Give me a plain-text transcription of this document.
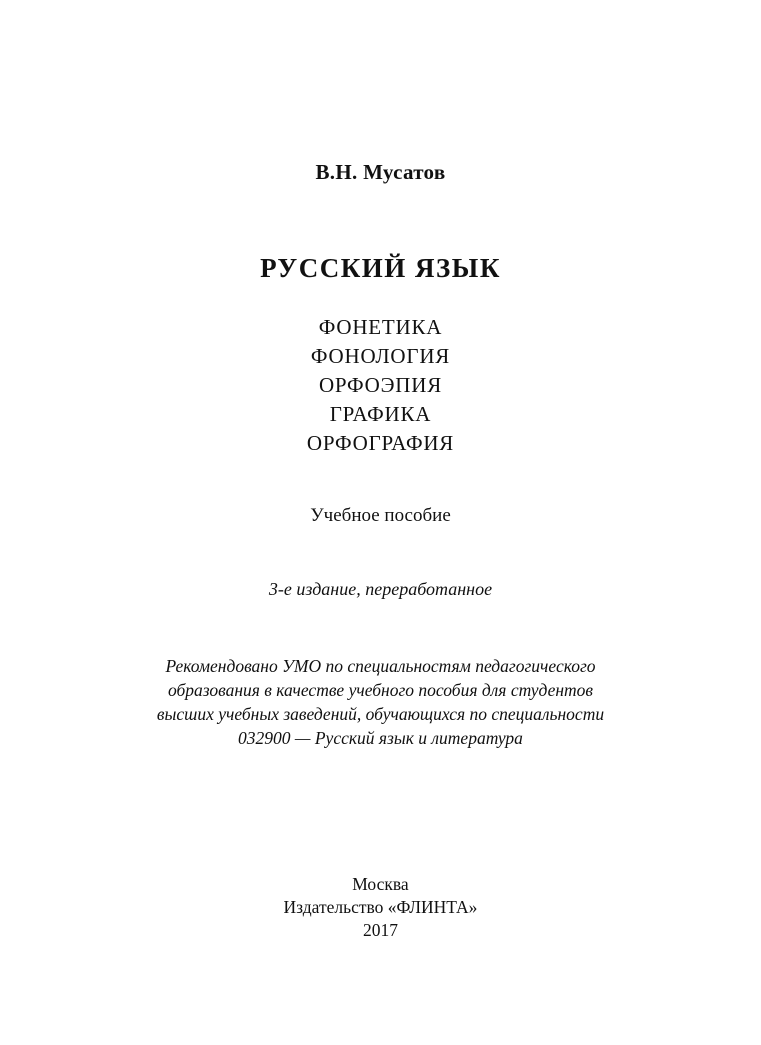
В.Н. Мусатов
РУССКИЙ ЯЗЫК
ФОНЕТИКА
ФОНОЛОГИЯ
ОРФОЭПИЯ
ГРАФИКА
ОРФОГРАФИЯ
Учебное пособие
3-е издание, переработанное
Рекомендовано УМО по специальностям педагогического
образования в качестве учебного пособия для студентов
высших учебных заведений, обучающихся по специальности
032900 — Русский язык и литература
Москва
Издательство «ФЛИНТА»
2017
